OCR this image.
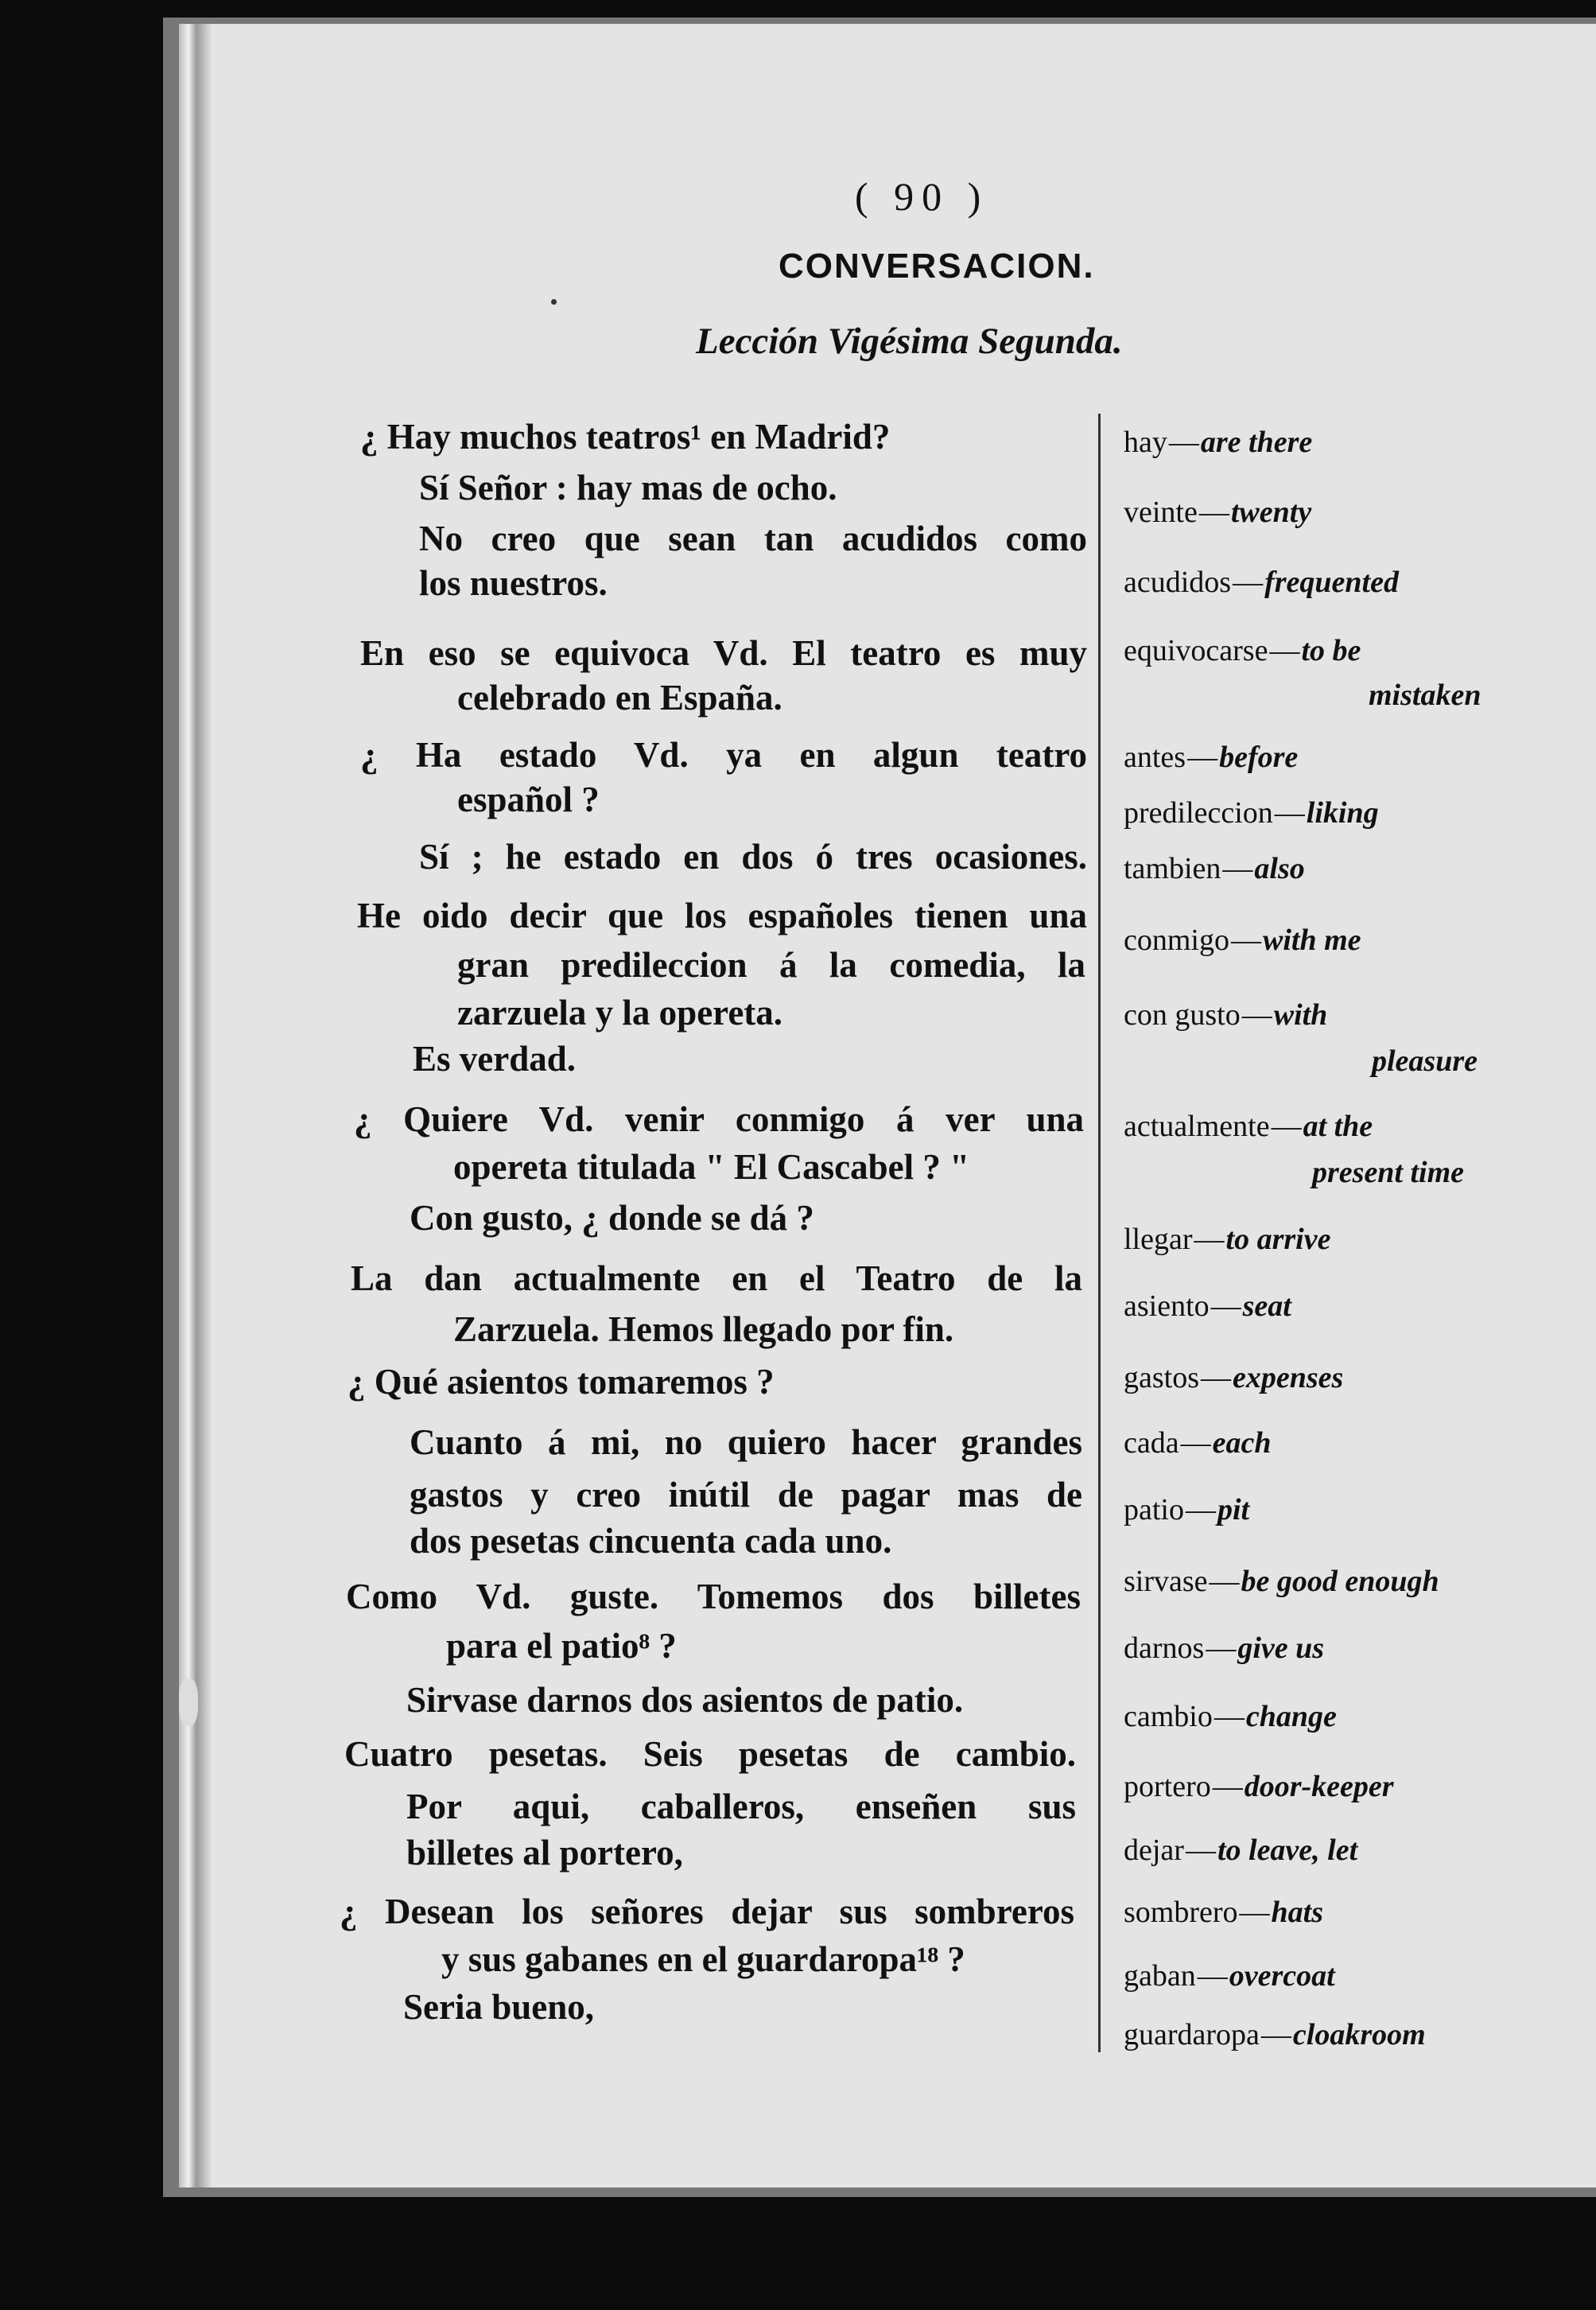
( 90 )
CONVERSACION.
Lección Vigésima Segunda.
¿ Hay muchos teatros¹ en Madrid?
Sí Señor : hay mas de ocho.
No creo que sean tan acudidos como
los nuestros.
En eso se equivoca Vd. El teatro es muy
celebrado en España.
¿ Ha estado Vd. ya en algun teatro
español ?
Sí ; he estado en dos ó tres ocasiones.
He oido decir que los españoles tienen una
gran predileccion á la comedia, la
zarzuela y la opereta.
Es verdad.
¿ Quiere Vd. venir conmigo á ver una
opereta titulada " El Cascabel ? "
Con gusto, ¿ donde se dá ?
La dan actualmente en el Teatro de la
Zarzuela. Hemos llegado por fin.
¿ Qué asientos tomaremos ?
Cuanto á mi, no quiero hacer grandes
gastos y creo inútil de pagar mas de
dos pesetas cincuenta cada uno.
Como Vd. guste. Tomemos dos billetes
para el patio⁸ ?
Sirvase darnos dos asientos de patio.
Cuatro pesetas. Seis pesetas de cambio.
Por aqui, caballeros, enseñen sus
billetes al portero,
¿ Desean los señores dejar sus sombreros
y sus gabanes en el guardaropa¹⁸ ?
Seria bueno,
hay—are there
veinte—twenty
acudidos—frequented
equivocarse—to be
mistaken
antes—before
predileccion—liking
tambien—also
conmigo—with me
con gusto—with
pleasure
actualmente—at the
present time
llegar—to arrive
asiento—seat
gastos—expenses
cada—each
patio—pit
sirvase—be good enough
darnos—give us
cambio—change
portero—door-keeper
dejar—to leave, let
sombrero—hats
gaban—overcoat
guardaropa—cloakroom
